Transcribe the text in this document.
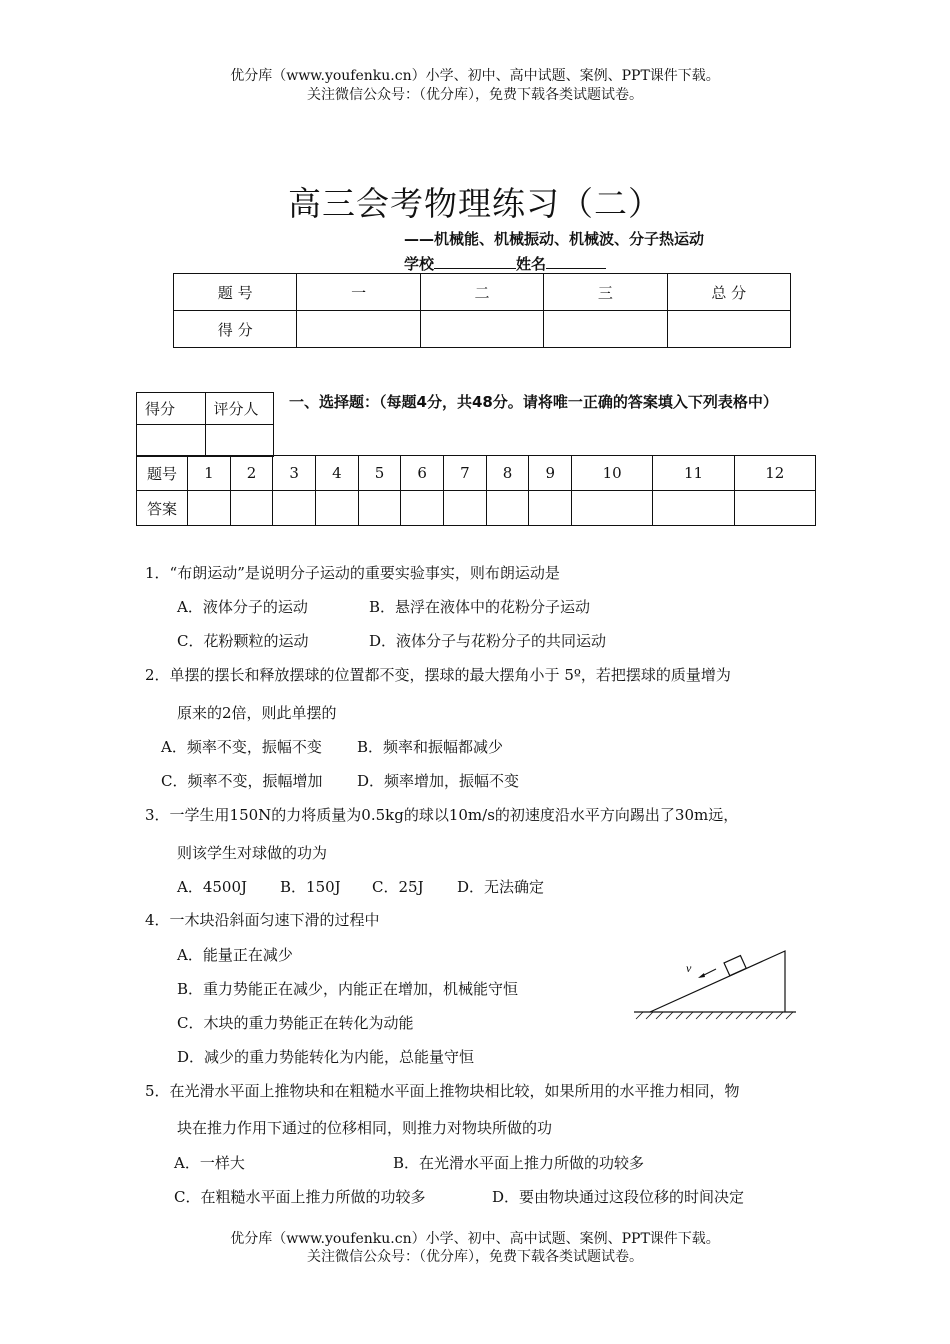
优分库（www.youfenku.cn）小学、初中、高中试题、案例、PPT课件下载。
关注微信公众号：（优分库），免费下载各类试题试卷。
高三会考物理练习（二）
——机械能、机械振动、机械波、分子热运动
学校	姓名
题 号	一	二	三	总 分
得 分				
得分	评分人
	一、选择题：（每题4分，共48分。请将唯一正确的答案填入下列表格中）
题号	1	2	3	4	5	6	7	8	9	10	11	12
答案												
1．“布朗运动”是说明分子运动的重要实验事实，则布朗运动是
A．液体分子的运动	B．悬浮在液体中的花粉分子运动
C．花粉颗粒的运动	D．液体分子与花粉分子的共同运动
2．单摆的摆长和释放摆球的位置都不变，摆球的最大摆角小于 5º，若把摆球的质量增为
原来的2倍，则此单摆的
A．频率不变，振幅不变 B．频率和振幅都减少
C．频率不变，振幅增加 D．频率增加，振幅不变
3．一学生用150N的力将质量为0.5kg的球以10m/s的初速度沿水平方向踢出了30m远，
则该学生对球做的功为
A．4500J B．150J C．25J D．无法确定
4．一木块沿斜面匀速下滑的过程中
A．能量正在减少
B．重力势能正在减少，内能正在增加，机械能守恒
C．木块的重力势能正在转化为动能
D．减少的重力势能转化为内能，总能量守恒
v
5．在光滑水平面上推物块和在粗糙水平面上推物块相比较，如果所用的水平推力相同，物
块在推力作用下通过的位移相同，则推力对物块所做的功
A．一样大	B．在光滑水平面上推力所做的功较多
C．在粗糙水平面上推力所做的功较多	D．要由物块通过这段位移的时间决定
优分库（www.youfenku.cn）小学、初中、高中试题、案例、PPT课件下载。
关注微信公众号：（优分库），免费下载各类试题试卷。
